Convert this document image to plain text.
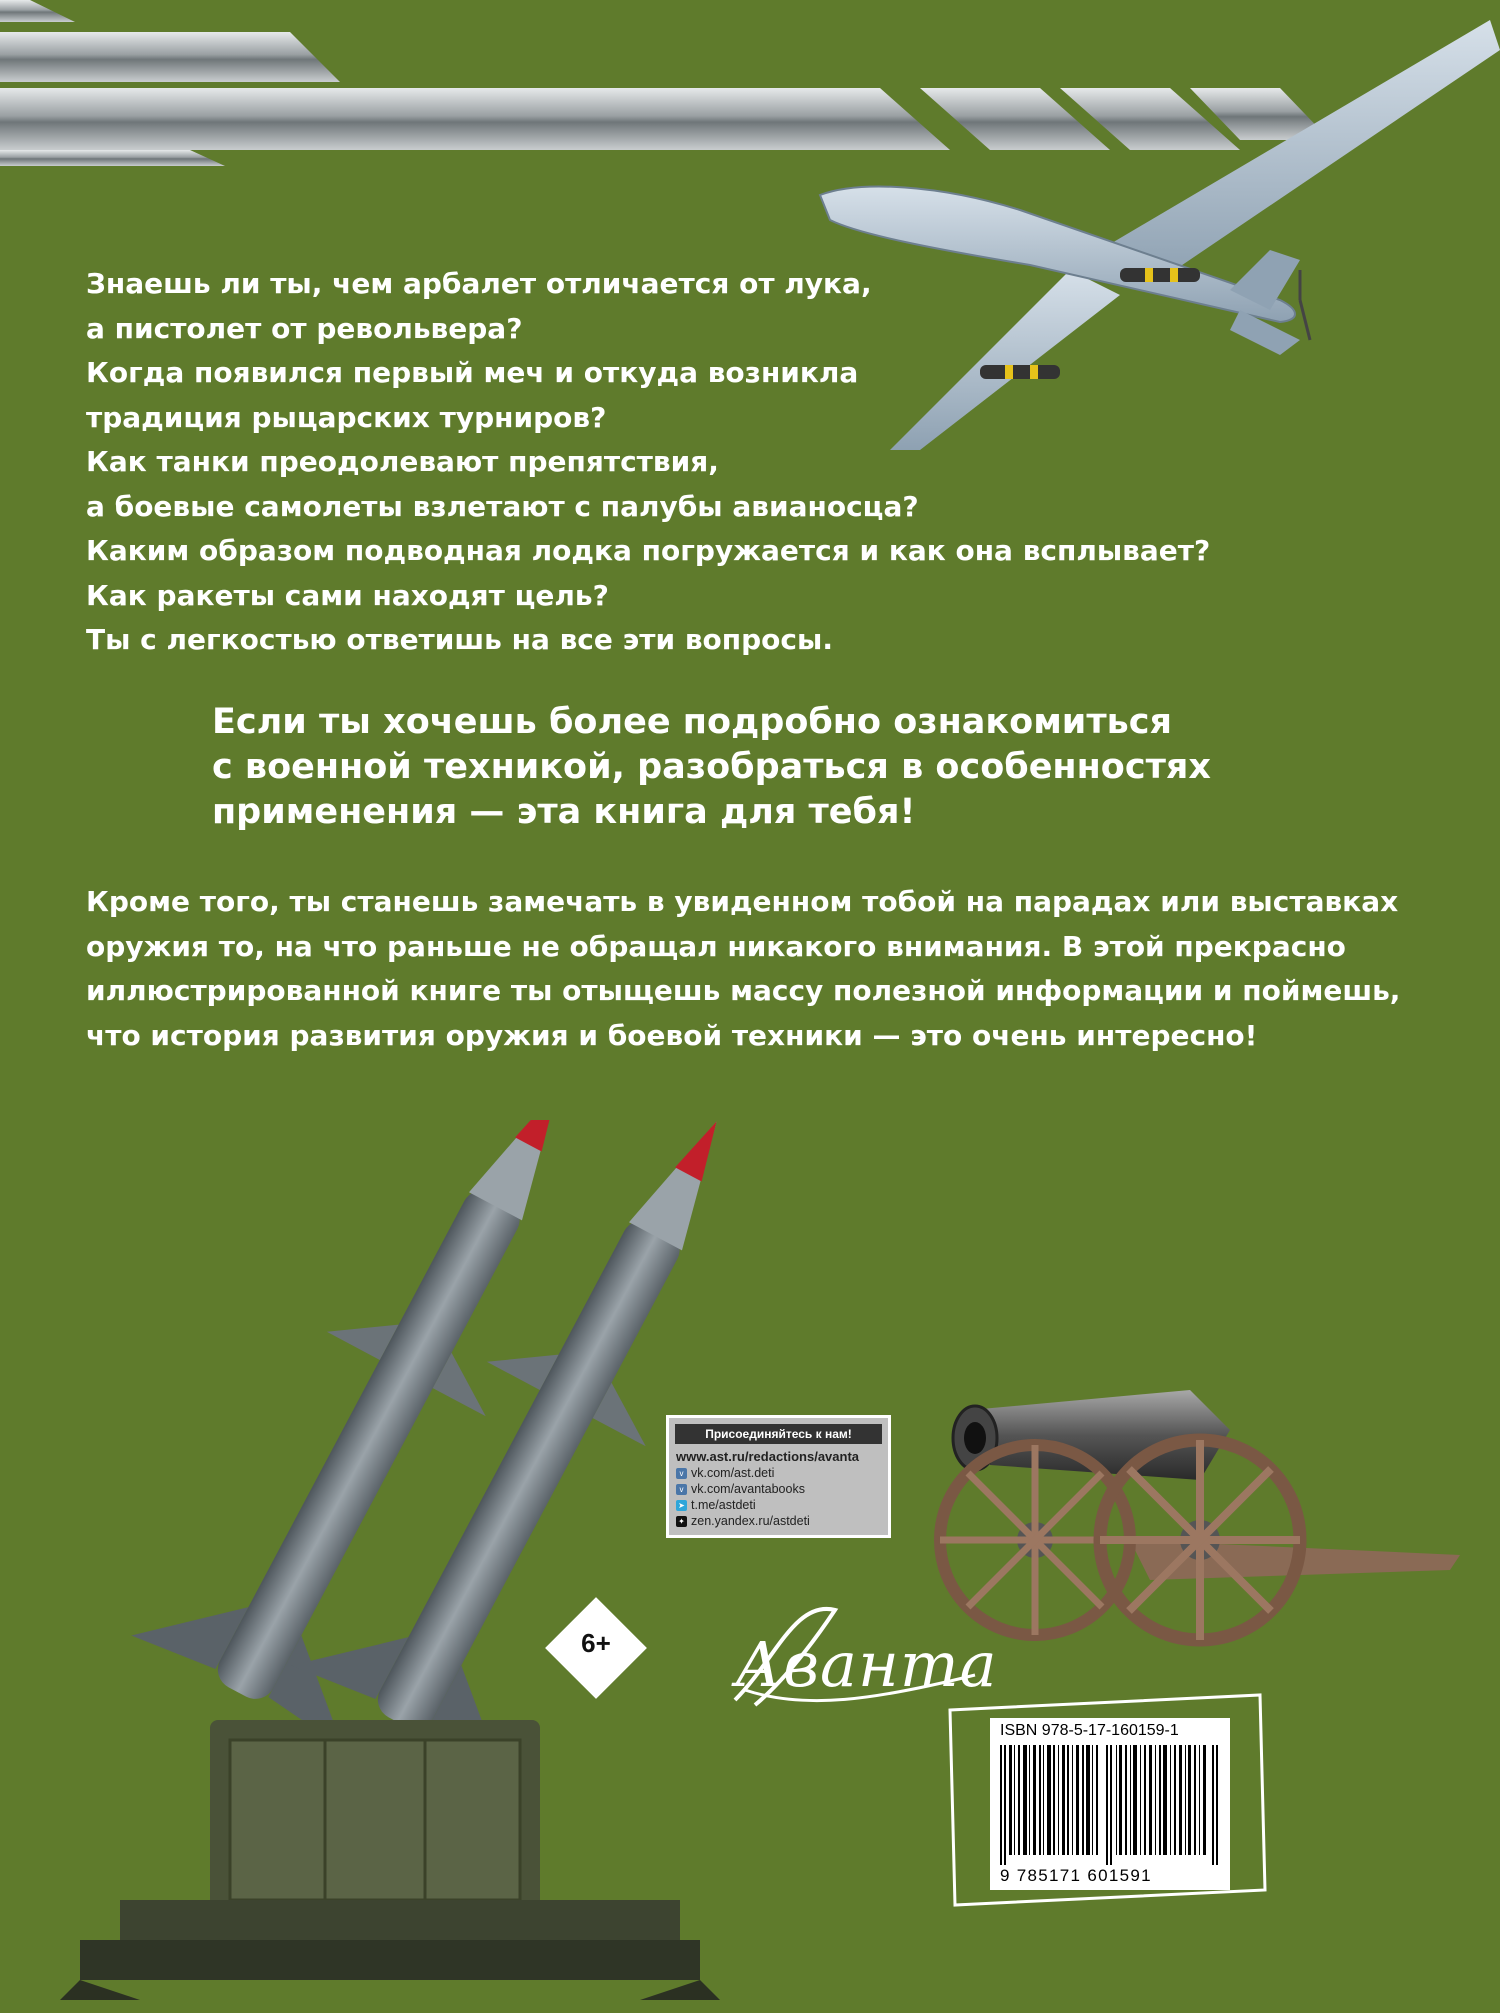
Знаешь ли ты, чем арбалет отличается от лука,
а пистолет от револьвера?
Когда появился первый меч и откуда возникла
традиция рыцарских турниров?
Как танки преодолевают препятствия,
а боевые самолеты взлетают с палубы авианосца?
Каким образом подводная лодка погружается и как она всплывает?
Как ракеты сами находят цель?
Ты с легкостью ответишь на все эти вопросы.
Если ты хочешь более подробно ознакомиться
с военной техникой, разобраться в особенностях
применения — эта книга для тебя!
Кроме того, ты станешь замечать в увиденном тобой на парадах или выставках
оружия то, на что раньше не обращал никакого внимания. В этой прекрасно
иллюстрированной книге ты отыщешь массу полезной информации и поймешь,
что история развития оружия и боевой техники — это очень интересно!
Присоединяйтесь к нам!
www.ast.ru/redactions/avanta
v vk.com/ast.deti
v vk.com/avantabooks
➤ t.me/astdeti
✦ zen.yandex.ru/astdeti
6+	Аванта
ISBN 978-5-17-160159-1
9 785171 601591
